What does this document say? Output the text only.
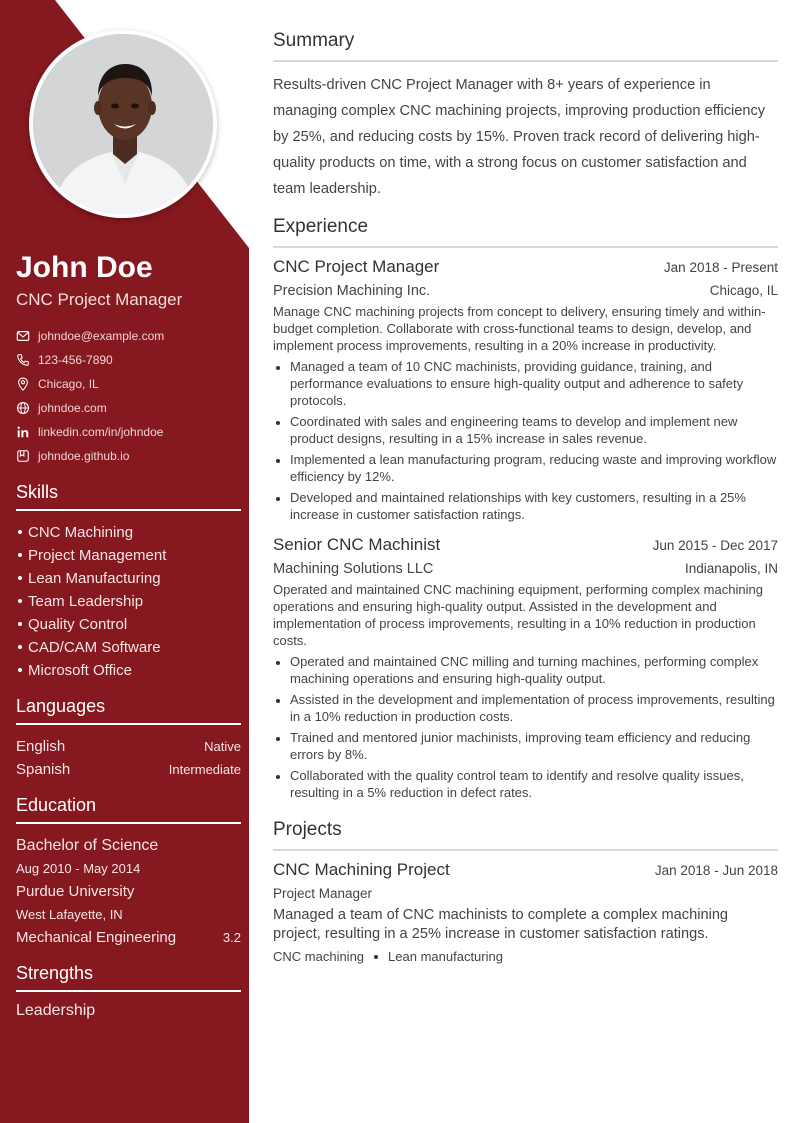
John Doe
CNC Project Manager
johndoe@example.com
123-456-7890
Chicago, IL
johndoe.com
linkedin.com/in/johndoe
johndoe.github.io
Skills
CNC Machining
Project Management
Lean Manufacturing
Team Leadership
Quality Control
CAD/CAM Software
Microsoft Office
Languages
English	Native
Spanish	Intermediate
Education
Bachelor of Science
Aug 2010 - May 2014
Purdue University
West Lafayette, IN
Mechanical Engineering	3.2
Strengths
Leadership
Summary
Results-driven CNC Project Manager with 8+ years of experience in managing complex CNC machining projects, improving production efficiency by 25%, and reducing costs by 15%. Proven track record of delivering high-quality products on time, with a strong focus on customer satisfaction and team leadership.
Experience
CNC Project Manager	Jan 2018 - Present
Precision Machining Inc.	Chicago, IL
Manage CNC machining projects from concept to delivery, ensuring timely and within-budget completion. Collaborate with cross-functional teams to design, develop, and implement process improvements, resulting in a 20% increase in productivity.
Managed a team of 10 CNC machinists, providing guidance, training, and performance evaluations to ensure high-quality output and adherence to safety protocols.
Coordinated with sales and engineering teams to develop and implement new product designs, resulting in a 15% increase in sales revenue.
Implemented a lean manufacturing program, reducing waste and improving workflow efficiency by 12%.
Developed and maintained relationships with key customers, resulting in a 25% increase in customer satisfaction ratings.
Senior CNC Machinist	Jun 2015 - Dec 2017
Machining Solutions LLC	Indianapolis, IN
Operated and maintained CNC machining equipment, performing complex machining operations and ensuring high-quality output. Assisted in the development and implementation of process improvements, resulting in a 10% reduction in production costs.
Operated and maintained CNC milling and turning machines, performing complex machining operations and ensuring high-quality output.
Assisted in the development and implementation of process improvements, resulting in a 10% reduction in production costs.
Trained and mentored junior machinists, improving team efficiency and reducing errors by 8%.
Collaborated with the quality control team to identify and resolve quality issues, resulting in a 5% reduction in defect rates.
Projects
CNC Machining Project	Jan 2018 - Jun 2018
Project Manager
Managed a team of CNC machinists to complete a complex machining project, resulting in a 25% increase in customer satisfaction ratings.
CNC machining Lean manufacturing
